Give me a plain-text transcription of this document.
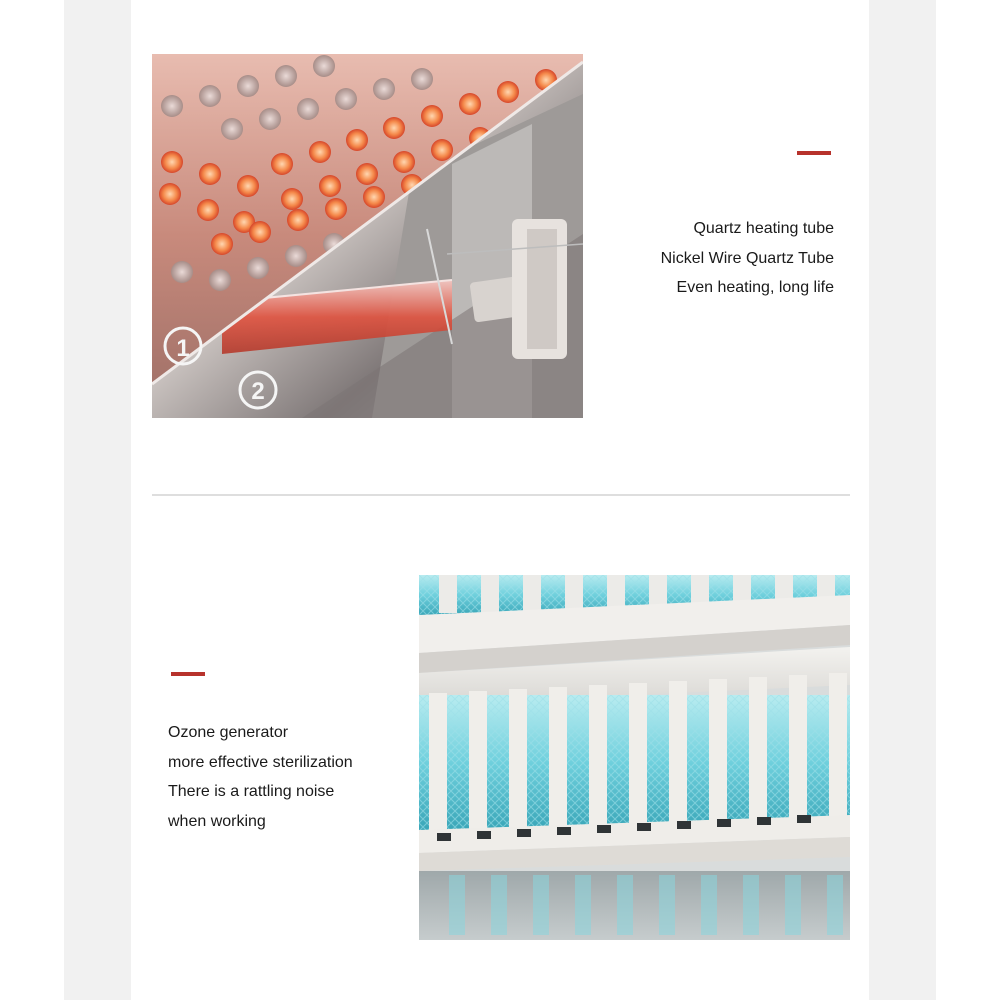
1
2
Quartz heating tube
Nickel Wire Quartz Tube
Even heating, long life
Ozone generator
more effective sterilization
There is a rattling noise
when working
